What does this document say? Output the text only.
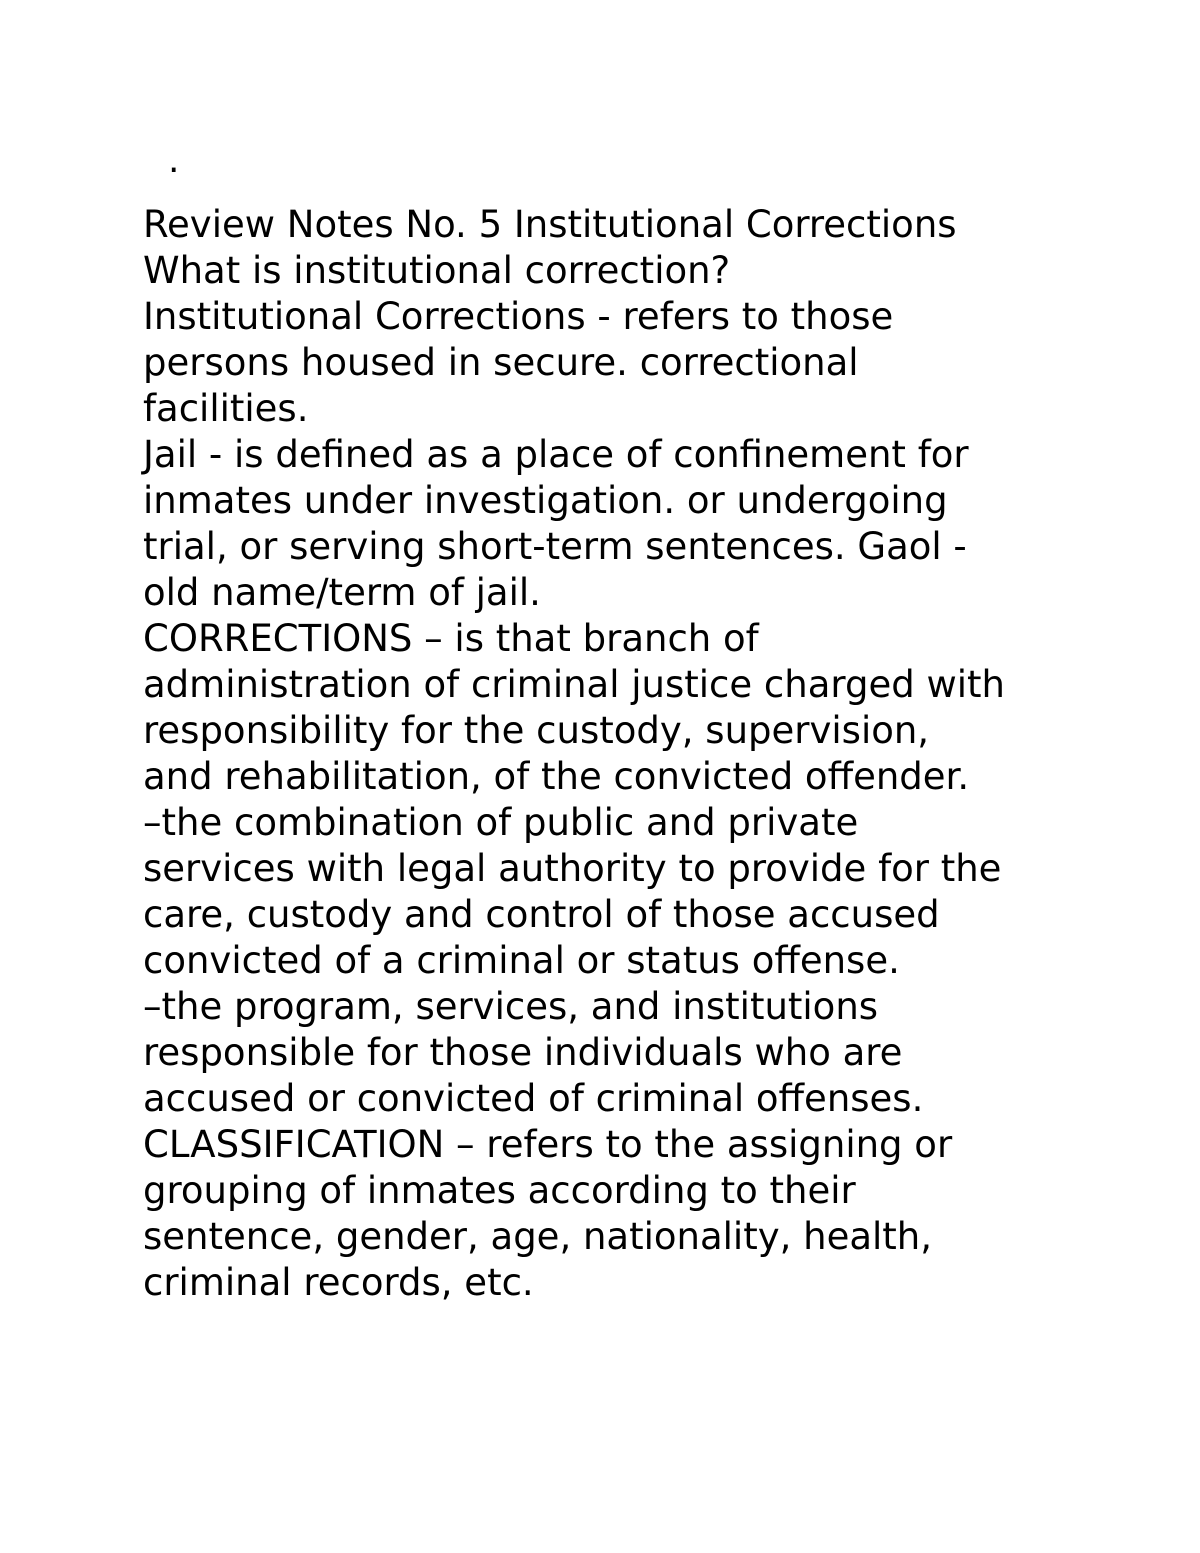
.
Review Notes No. 5 Institutional Corrections
What is institutional correction?
Institutional Corrections - refers to those
persons housed in secure. correctional
facilities.
Jail - is defined as a place of confinement for
inmates under investigation. or undergoing
trial, or serving short-term sentences. Gaol -
old name/term of jail.
CORRECTIONS – is that branch of
administration of criminal justice charged with
responsibility for the custody, supervision,
and rehabilitation, of the convicted offender.
–the combination of public and private
services with legal authority to provide for the
care, custody and control of those accused
convicted of a criminal or status offense.
–the program, services, and institutions
responsible for those individuals who are
accused or convicted of criminal offenses.
CLASSIFICATION – refers to the assigning or
grouping of inmates according to their
sentence, gender, age, nationality, health,
criminal records, etc.
